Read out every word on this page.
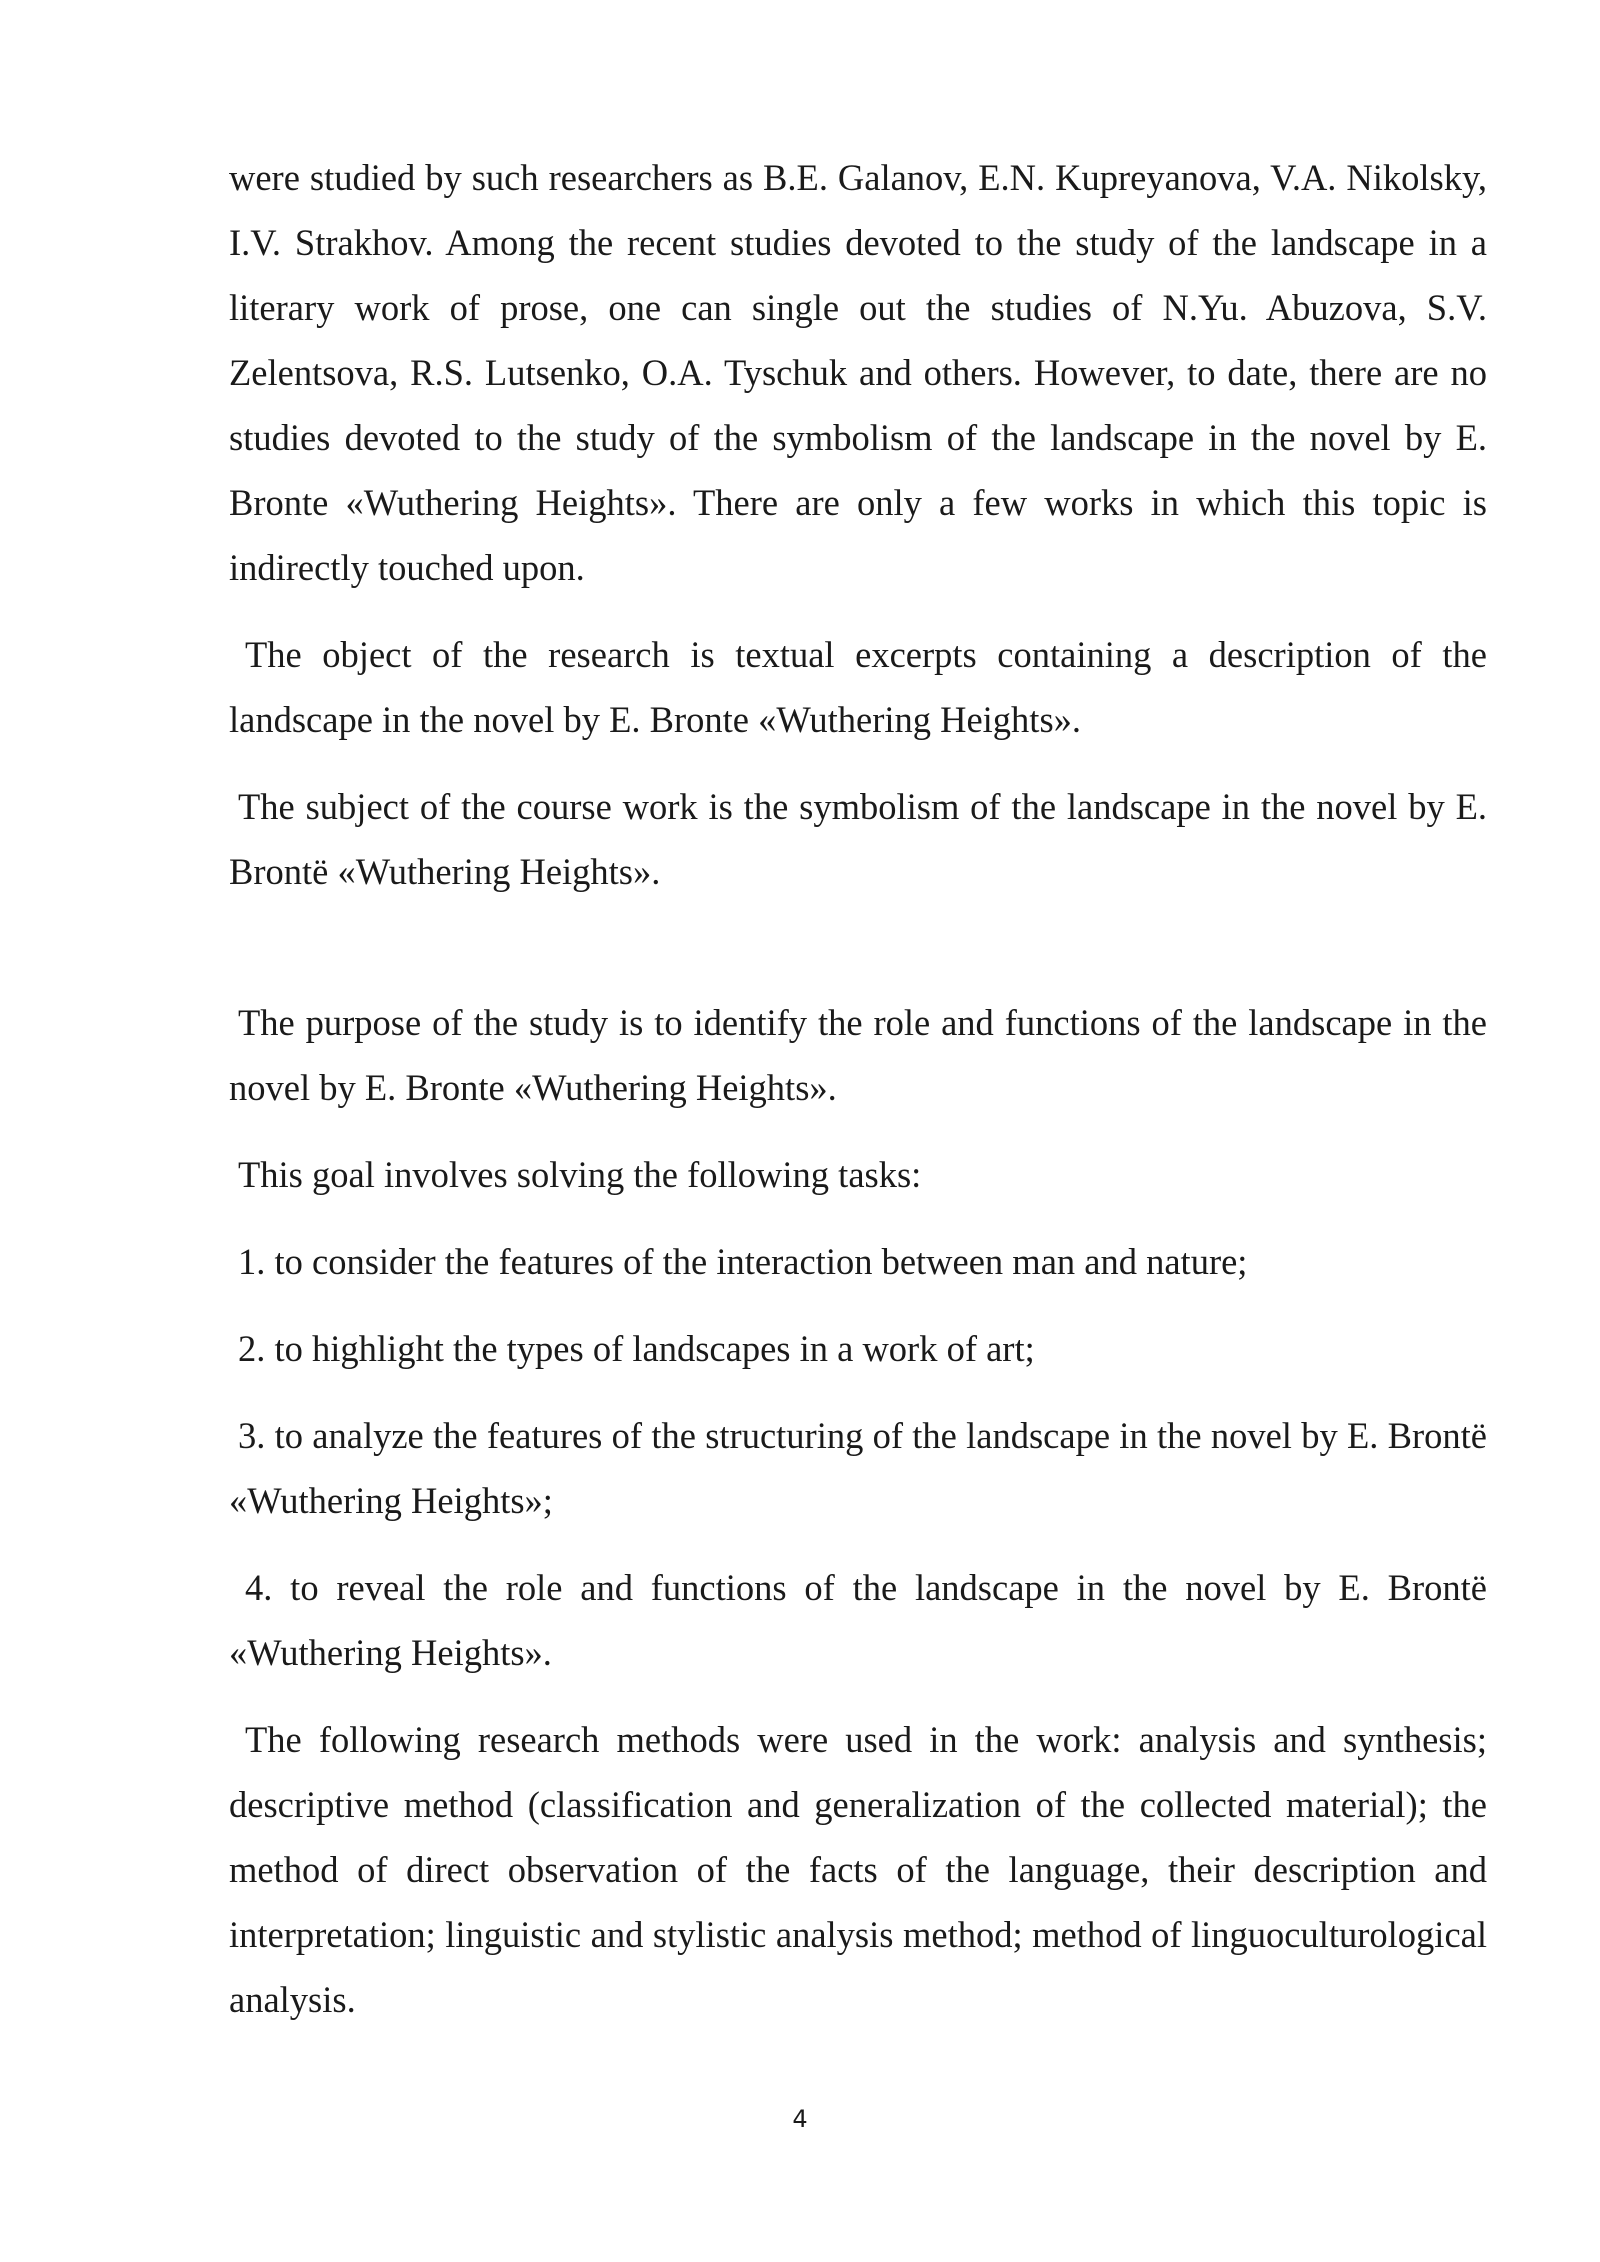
were studied by such researchers as B.E. Galanov, E.N. Kupreyanova, V.A. Nikolsky, I.V. Strakhov. Among the recent studies devoted to the study of the landscape in a literary work of prose, one can single out the studies of N.Yu. Abuzova, S.V. Zelentsova, R.S. Lutsenko, O.A. Tyschuk and others. However, to date, there are no studies devoted to the study of the symbolism of the landscape in the novel by E. Bronte «Wuthering Heights». There are only a few works in which this topic is indirectly touched upon.

The object of the research is textual excerpts containing a description of the landscape in the novel by E. Bronte «Wuthering Heights».

The subject of the course work is the symbolism of the landscape in the novel by E. Brontë «Wuthering Heights».

The purpose of the study is to identify the role and functions of the landscape in the novel by E. Bronte «Wuthering Heights».

This goal involves solving the following tasks:

1. to consider the features of the interaction between man and nature;

2. to highlight the types of landscapes in a work of art;

3. to analyze the features of the structuring of the landscape in the novel by E. Brontë «Wuthering Heights»;

4. to reveal the role and functions of the landscape in the novel by E. Brontë «Wuthering Heights».

The following research methods were used in the work: analysis and synthesis; descriptive method (classification and generalization of the collected material); the method of direct observation of the facts of the language, their description and interpretation; linguistic and stylistic analysis method; method of linguoculturological analysis.

4
